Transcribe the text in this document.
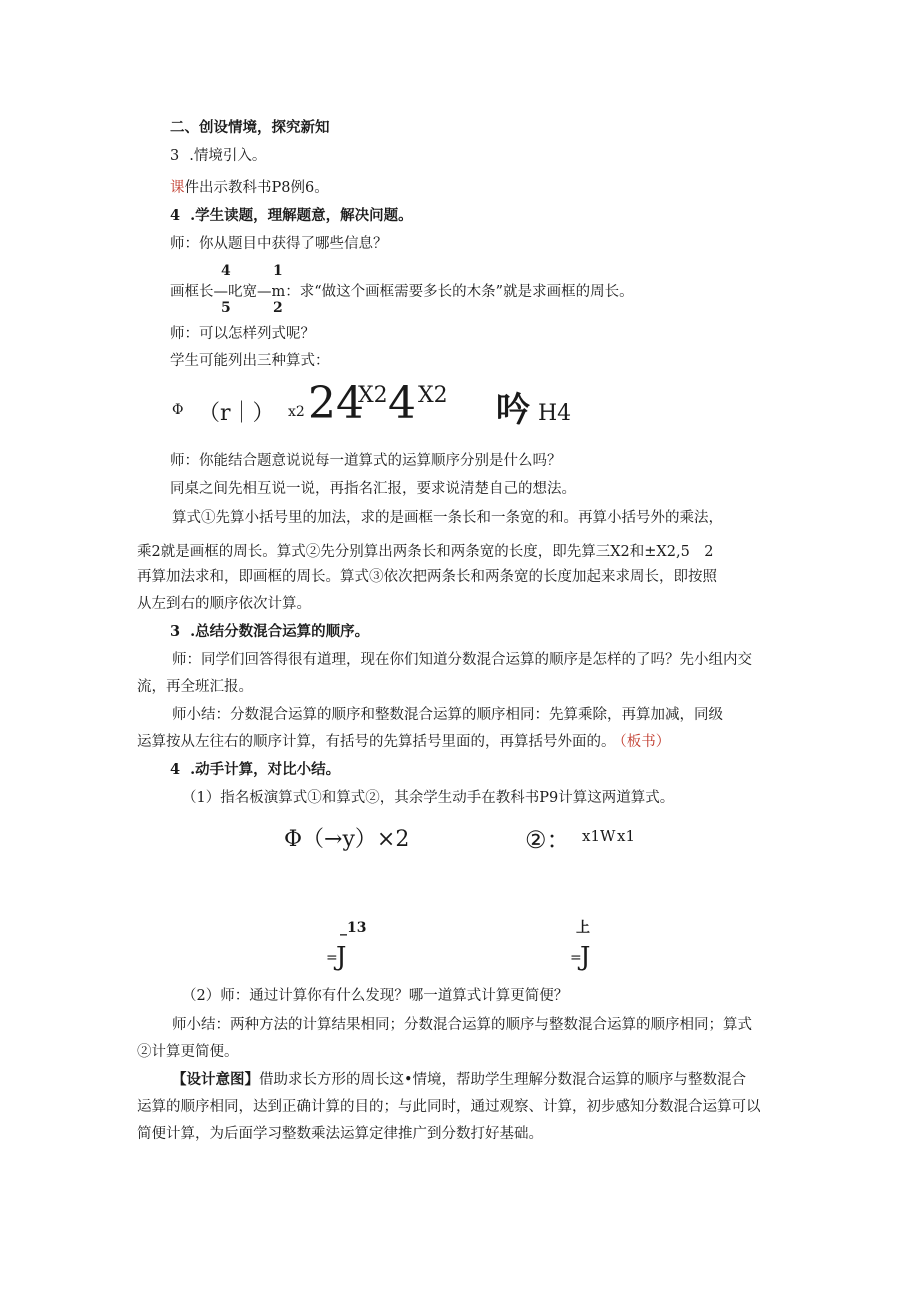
二、创设情境，探究新知
3 .情境引入。
课件出示教科书P8例6。
4 .学生读题，理解题意，解决问题。
师：你从题目中获得了哪些信息？
4	1
画框长—叱宽—m：求“做这个画框需要多长的木条”就是求画框的周长。
5	2
师：可以怎样列式呢？
学生可能列出三种算式：
Φ （r｜） x2 24
X2 4 X2 吟 H4
师：你能结合题意说说每一道算式的运算顺序分别是什么吗？
同桌之间先相互说一说，再指名汇报，要求说清楚自己的想法。
算式①先算小括号里的加法，求的是画框一条长和一条宽的和。再算小括号外的乘法，
乘2就是画框的周长。算式②先分别算出两条长和两条宽的长度，即先算三X2和±X2,5　2
再算加法求和，即画框的周长。算式③依次把两条长和两条宽的长度加起来求周长，即按照
从左到右的顺序依次计算。
3 .总结分数混合运算的顺序。
师：同学们回答得很有道理，现在你们知道分数混合运算的顺序是怎样的了吗？先小组内交
流，再全班汇报。
师小结：分数混合运算的顺序和整数混合运算的顺序相同：先算乘除，再算加减，同级
运算按从左往右的顺序计算，有括号的先算括号里面的，再算括号外面的。 （板书）
4 .动手计算，对比小结。
（1）指名板演算式①和算式②，其余学生动手在教科书P9计算这两道算式。
Φ（→y）×2	②： x1W x1
_13
=
J
上
=
J
（2）师：通过计算你有什么发现？哪一道算式计算更简便？
师小结：两种方法的计算结果相同；分数混合运算的顺序与整数混合运算的顺序相同；算式
②计算更简便。
【设计意图】借助求长方形的周长这•情境，帮助学生理解分数混合运算的顺序与整数混合
运算的顺序相同，达到正确计算的目的；与此同时，通过观察、计算，初步感知分数混合运算可以
简便计算，为后面学习整数乘法运算定律推广到分数打好基础。
